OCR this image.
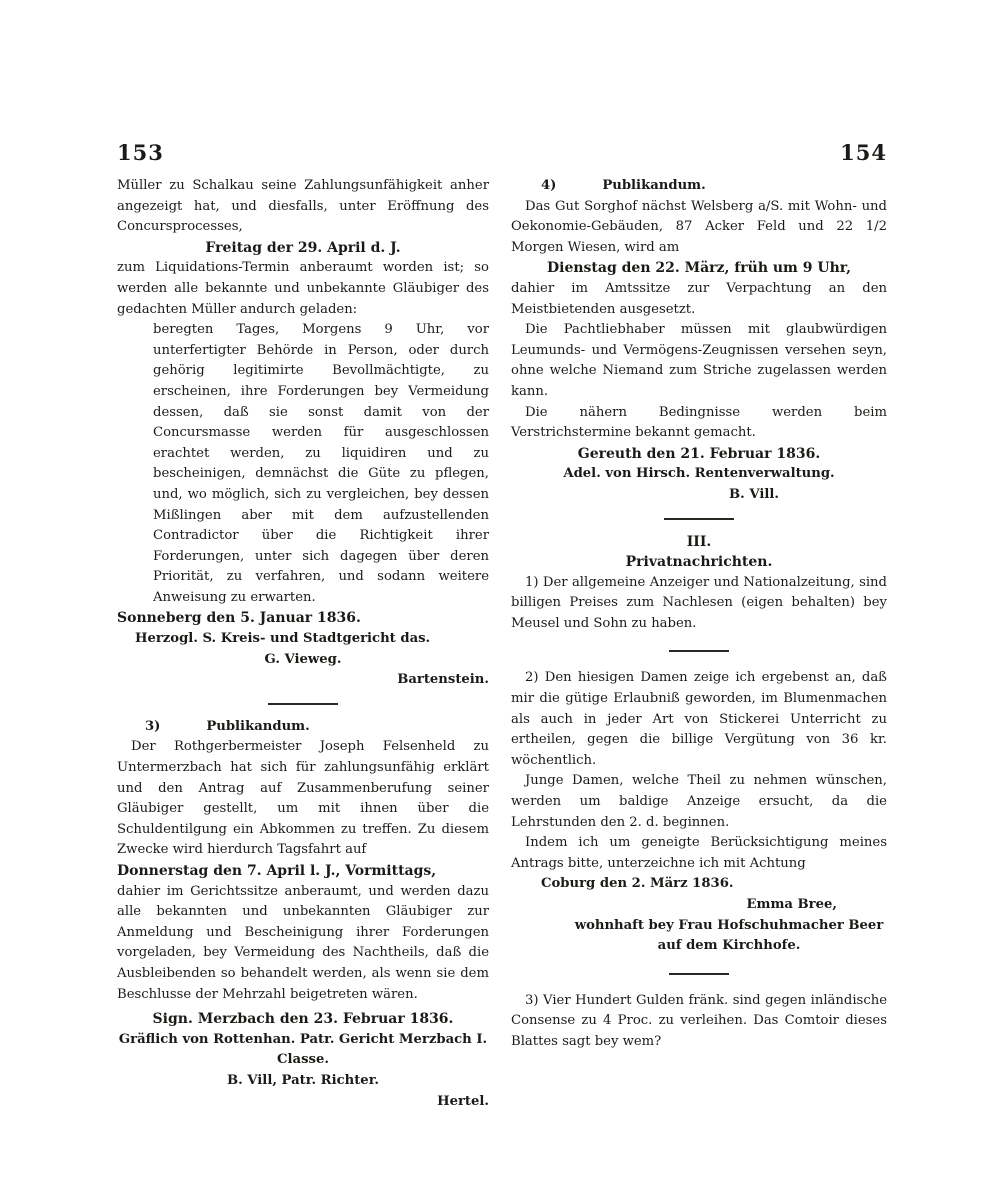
153

Müller zu Schalkau seine Zahlungsunfähigkeit anher angezeigt hat, und diesfalls, unter Eröffnung des Concursprocesses,

Freitag der 29. April d. J.

zum Liquidations-Termin anberaumt worden ist; so werden alle bekannte und unbekannte Gläubiger des gedachten Müller andurch geladen:

beregten Tages, Morgens 9 Uhr, vor unterfertigter Behörde in Person, oder durch gehörig legitimirte Bevollmächtigte, zu erscheinen, ihre Forderungen bey Vermeidung dessen, daß sie sonst damit von der Concursmasse werden für ausgeschlossen erachtet werden, zu liquidiren und zu bescheinigen, demnächst die Güte zu pflegen, und, wo möglich, sich zu vergleichen, bey dessen Mißlingen aber mit dem aufzustellenden Contradictor über die Richtigkeit ihrer Forderungen, unter sich dagegen über deren Priorität, zu verfahren, und sodann weitere Anweisung zu erwarten.

Sonneberg den 5. Januar 1836.

Herzogl. S. Kreis- und Stadtgericht das.

G. Vieweg.

Bartenstein.

3)          Publikandum.

Der Rothgerbermeister Joseph Felsenheld zu Untermerzbach hat sich für zahlungsunfähig erklärt und den Antrag auf Zusammenberufung seiner Gläubiger gestellt, um mit ihnen über die Schuldentilgung ein Abkommen zu treffen. Zu diesem Zwecke wird hierdurch Tagsfahrt auf

Donnerstag den 7. April l. J., Vormittags,

dahier im Gerichtssitze anberaumt, und werden dazu alle bekannten und unbekannten Gläubiger zur Anmeldung und Bescheinigung ihrer Forderungen vorgeladen, bey Vermeidung des Nachtheils, daß die Ausbleibenden so behandelt werden, als wenn sie dem Beschlusse der Mehrzahl beigetreten wären.

Sign. Merzbach den 23. Februar 1836.

Gräflich von Rottenhan. Patr. Gericht Merzbach I. Classe.

B. Vill, Patr. Richter.

Hertel.

154

4)          Publikandum.

Das Gut Sorghof nächst Welsberg a/S. mit Wohn- und Oekonomie-Gebäuden, 87 Acker Feld und 22 1/2 Morgen Wiesen, wird am

Dienstag den 22. März, früh um 9 Uhr,

dahier im Amtssitze zur Verpachtung an den Meistbietenden ausgesetzt.

Die Pachtliebhaber müssen mit glaubwürdigen Leumunds- und Vermögens-Zeugnissen versehen seyn, ohne welche Niemand zum Striche zugelassen werden kann.

Die nähern Bedingnisse werden beim Verstrichstermine bekannt gemacht.

Gereuth den 21. Februar 1836.

Adel. von Hirsch. Rentenverwaltung.

B. Vill.

III.

Privatnachrichten.

1) Der allgemeine Anzeiger und Nationalzeitung, sind billigen Preises zum Nachlesen (eigen behalten) bey Meusel und Sohn zu haben.

2) Den hiesigen Damen zeige ich ergebenst an, daß mir die gütige Erlaubniß geworden, im Blumenmachen als auch in jeder Art von Stickerei Unterricht zu ertheilen, gegen die billige Vergütung von 36 kr. wöchentlich.

Junge Damen, welche Theil zu nehmen wünschen, werden um baldige Anzeige ersucht, da die Lehrstunden den 2. d. beginnen.

Indem ich um geneigte Berücksichtigung meines Antrags bitte, unterzeichne ich mit Achtung

Coburg den 2. März 1836.

Emma Bree,

wohnhaft bey Frau Hofschuhmacher Beer auf dem Kirchhofe.

3) Vier Hundert Gulden fränk. sind gegen inländische Consense zu 4 Proc. zu verleihen. Das Comtoir dieses Blattes sagt bey wem?
